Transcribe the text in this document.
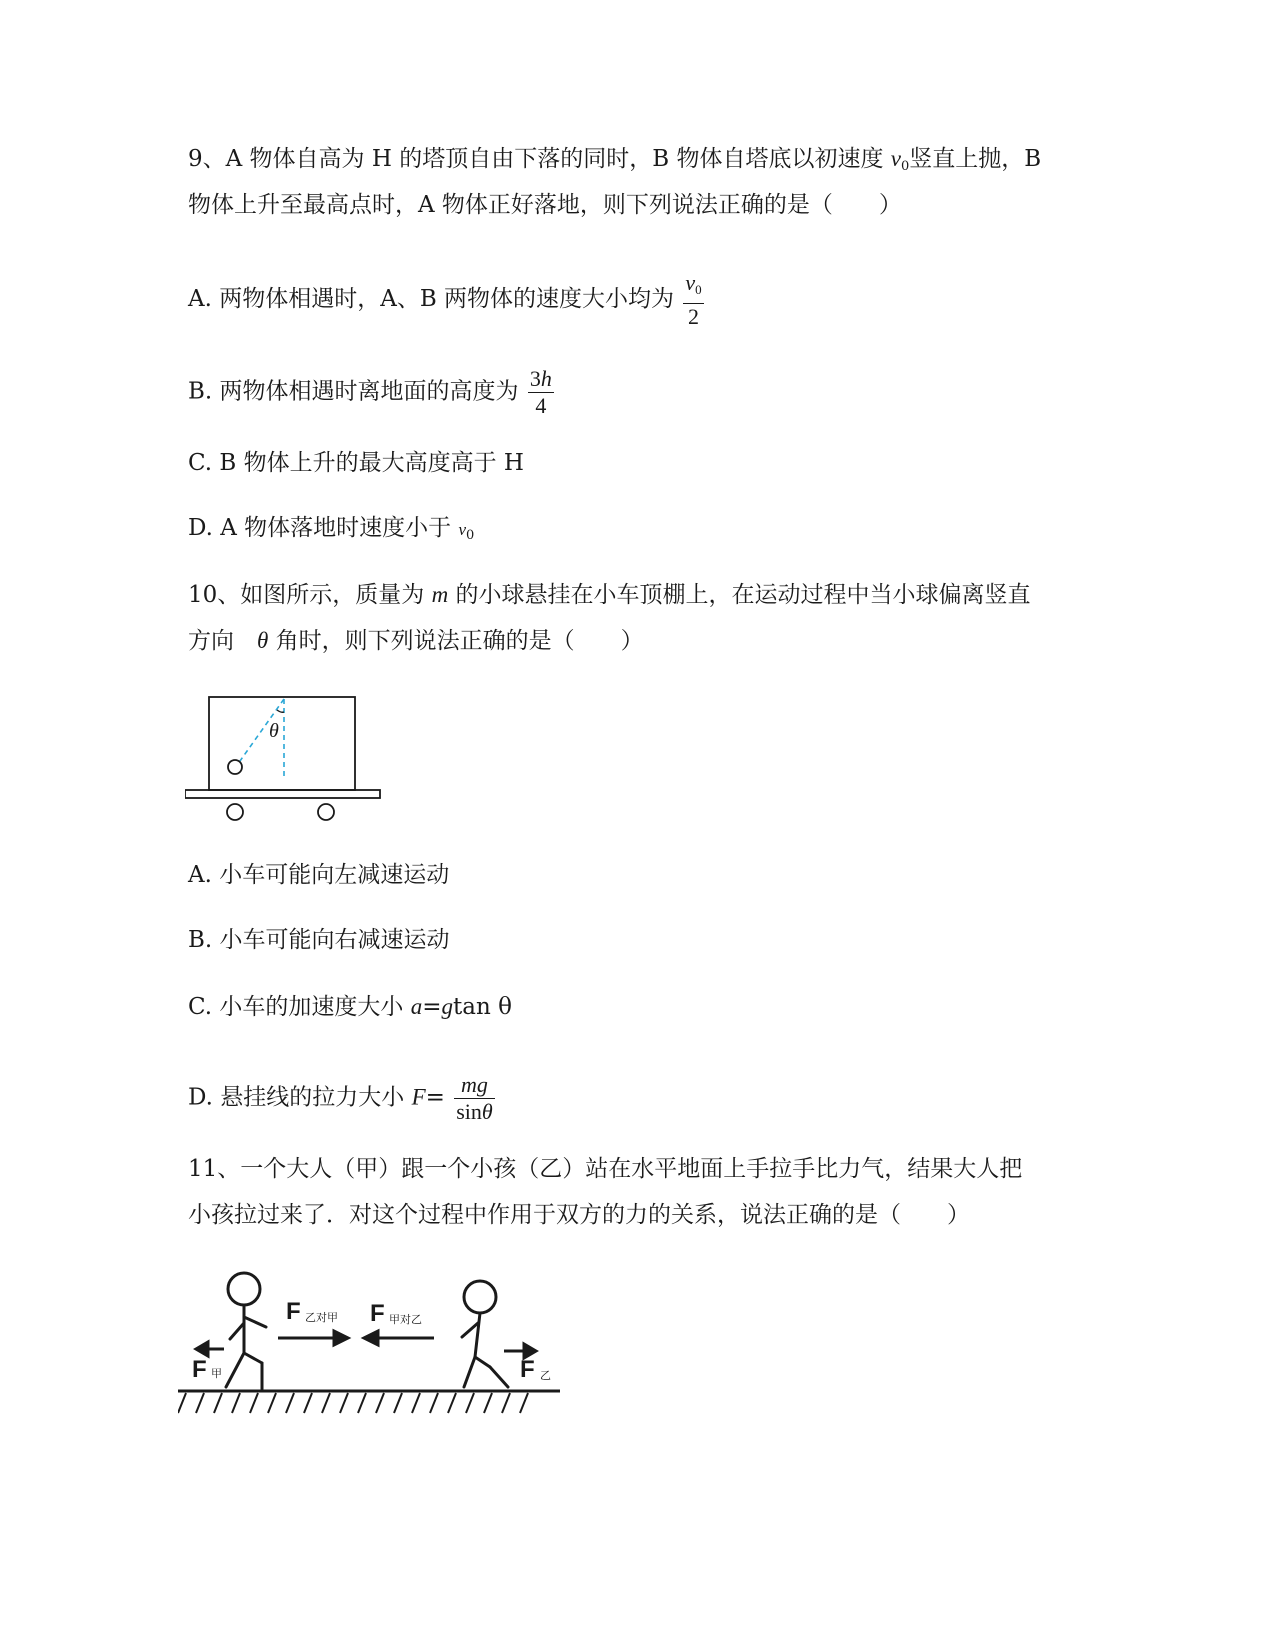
9、A 物体自高为 H 的塔顶自由下落的同时，B 物体自塔底以初速度 $v_0$竖直上抛，B
物体上升至最高点时，A 物体正好落地，则下列说法正确的是（　　）
A. 两物体相遇时，A、B 两物体的速度大小均为 $\frac{v_0}{2}$
B. 两物体相遇时离地面的高度为 $\frac{3h}{4}$
C. B 物体上升的最大高度高于 H
D. A 物体落地时速度小于 $v_0$
10、如图所示，质量为 m 的小球悬挂在小车顶棚上，在运动过程中当小球偏离竖直
方向　θ 角时，则下列说法正确的是（　　）
θ
A. 小车可能向左减速运动
B. 小车可能向右减速运动
C. 小车的加速度大小 a=gtan θ
D. 悬挂线的拉力大小 $F= \frac{mg}{\sin\theta}$
11、一个大人（甲）跟一个小孩（乙）站在水平地面上手拉手比力气，结果大人把
小孩拉过来了．对这个过程中作用于双方的力的关系，说法正确的是（　　）
F 乙对甲 F 甲对乙
F 甲	F 乙
